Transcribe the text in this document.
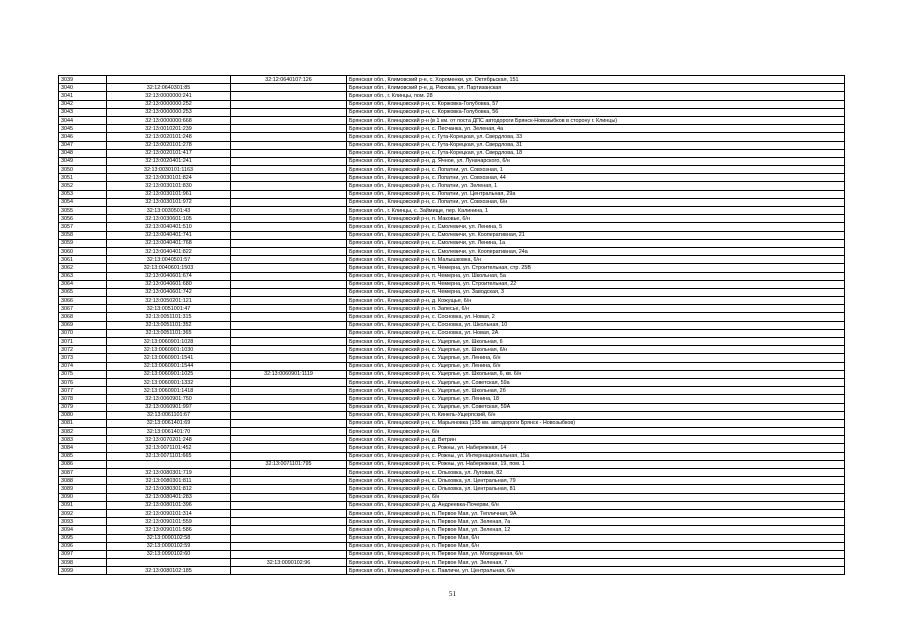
3039		32:12:0640107:126	Брянская обл., Климовский р-н, с. Хороменки, ул. Октябрьская, 151
3040	32:12:0640301:85		Брянская обл., Климовский р-н, д. Рюхова, ул. Партизанская
3041	32:13:0000000:241		Брянская обл., г. Клинцы, пом. 28
3042	32:13:0000000:252		Брянская обл., Клинцовский р-н, с. Коржовка-Голубовка, 57
3043	32:13:0000000:253		Брянская обл., Клинцовский р-н, с. Коржовка-Голубовка, 56
3044	32:13:0000000:668		Брянская обл., Клинцовский р-н (в 1 км. от поста ДПС автодороги Брянск-Новозыбков в сторону г. Клинцы)
3045	32:13:0010201:239		Брянская обл., Клинцовский р-н, с. Песчанка, ул. Зеленая, 4а
3046	32:13:0020101:248		Брянская обл., Клинцовский р-н, с. Гута-Корецкая, ул. Свердлова, 33
3047	32:13:0020101:278		Брянская обл., Клинцовский р-н, с. Гута-Корецкая, ул. Свердлова, 31
3048	32:13:0020101:417		Брянская обл., Клинцовский р-н, с. Гута-Корецкая, ул. Свердлова, 18
3049	32:13:0020401:241		Брянская обл., Клинцовский р-н, д. Ячное, ул. Луначарского, 6/н
3050	32:13:0030101:1163		Брянская обл., Клинцовский р-н, с. Лопатни, ул. Совхозная, 1
3051	32:13:0030101:824		Брянская обл., Клинцовский р-н, с. Лопатни, ул. Совхозная, 44
3052	32:13:0030101:830		Брянская обл., Клинцовский р-н, с. Лопатни, ул. Зеленая, 1
3053	32:13:0030101:961		Брянская обл., Клинцовский р-н, с. Лопатни, ул. Центральная, 29а
3054	32:13:0030101:972		Брянская обл., Клинцовский р-н, с. Лопатни, ул. Совхозная, 6/н
3055	32:13:0030501:43		Брянская обл., г. Клинцы, с. Займище, пер. Калинина, 1
3056	32:13:0030601:105		Брянская обл., Клинцовский р-н, п. Маковье, 6/н
3057	32:13:0040401:510		Брянская обл., Клинцовский р-н, с. Смолевичи, ул. Ленина, 5
3058	32:13:0040401:741		Брянская обл., Клинцовский р-н, с. Смолевичи, ул. Кооперативная, 21
3059	32:13:0040401:768		Брянская обл., Клинцовский р-н, с. Смолевичи, ул. Ленина, 1а
3060	32:13:0040401:822		Брянская обл., Клинцовский р-н, с. Смолевичи, ул. Кооперативная, 24а
3061	32:13:0040501:57		Брянская обл., Клинцовский р-н, п. Малышковка, 6/н
3062	32:13:0040601:1503		Брянская обл., Клинцовский р-н, п. Чемерна, ул. Строительная, стр. 25В
3063	32:13:0040601:674		Брянская обл., Клинцовский р-н, п. Чемерна, ул. Школьная, 5а
3064	32:13:0040601:680		Брянская обл., Клинцовский р-н, п. Чемерна, ул. Строительная, 22
3065	32:13:0040601:742		Брянская обл., Клинцовский р-н, п. Чемерна, ул. Заводская, 3
3066	32:13:0050201:121		Брянская обл., Клинцовский р-н, д. Кожущье, 6/н
3067	32:13:0051001:47		Брянская обл., Клинцовский р-н, п. Запесье, 6/н
3068	32:13:0051101:315		Брянская обл., Клинцовский р-н, с. Сосновка, ул. Новая, 2
3069	32:13:0051101:352		Брянская обл., Клинцовский р-н, с. Сосновка, ул. Школьная, 10
3070	32:13:0051101:365		Брянская обл., Клинцовский р-н, с. Сосновка, ул. Новая, 2А
3071	32:13:0060901:1028		Брянская обл., Клинцовский р-н, с. Ущерпье, ул. Школьная, 6
3072	32:13:0060901:1030		Брянская обл., Клинцовский р-н, с. Ущерпье, ул. Школьная, 6/н
3073	32:13:0060901:1541		Брянская обл., Клинцовский р-н, с. Ущерпье, ул. Ленина, 6/н
3074	32:13:0060901:1544		Брянская обл., Клинцовский р-н, с. Ущерпье, ул. Ленина, 6/н
3075	32:13:0060901:1025	32:13:0060901:1119	Брянская обл., Клинцовский р-н, с. Ущерпье, ул. Школьная, 6, кв. 6/н
3076	32:13:0060901:1332		Брянская обл., Клинцовский р-н, с. Ущерпье, ул. Советская, 59а
3077	32:13:0060901:1418		Брянская обл., Клинцовский р-н, с. Ущерпье, ул. Школьная, 2б
3078	32:13:0060901:750		Брянская обл., Клинцовский р-н, с. Ущерпье, ул. Ленина, 18
3079	32:13:0060901:997		Брянская обл., Клинцовский р-н, с. Ущерпье, ул. Советская, 59А
3080	32:13:0061101:67		Брянская обл., Клинцовский р-н, п. Кинель-Ущерпский, 6/н
3081	32:13:0061401:69		Брянская обл., Клинцовский р-н, с. Марьяновка (155 км. автодороги Брянск - Новозыбков)
3082	32:13:0061401:70		Брянская обл., Клинцовский р-н, 6/н
3083	32:13:0070201:248		Брянская обл., Клинцовский р-н, д. Ветрин
3084	32:13:0071101:452		Брянская обл., Клинцовский р-н, с. Рожны, ул. Набережная, 14
3085	32:13:0071101:665		Брянская обл., Клинцовский р-н, с. Рожны, ул. Интернациональная, 15а
3086		32:13:0071101:795	Брянская обл., Клинцовский р-н, с. Рожны, ул. Набережная, 19, пом. 1
3087	32:13:0080301:719		Брянская обл., Клинцовский р-н, с. Ольховка, ул. Луговая, 82
3088	32:13:0080301:811		Брянская обл., Клинцовский р-н, с. Ольховка, ул. Центральная, 79
3089	32:13:0080301:812		Брянская обл., Клинцовский р-н, с. Ольховка, ул. Центральная, 81
3090	32:13:0080401:283		Брянская обл., Клинцовский р-н, 6/н
3091	32:13:0080101:396		Брянская обл., Клинцовский р-н, д. Андреевка-Почерви, 6/н
3092	32:13:0090101:314		Брянская обл., Клинцовский р-н, п. Первое Мая, ул. Тепличная, 9А
3093	32:13:0090101:559		Брянская обл., Клинцовский р-н, п. Первое Мая, ул. Зеленая, 7а
3094	32:13:0090101:586		Брянская обл., Клинцовский р-н, п. Первое Мая, ул. Зеленая, 12
3095	32:13:0090102:58		Брянская обл., Клинцовский р-н, п. Первое Мая, 6/н
3096	32:13:0090102:59		Брянская обл., Клинцовский р-н, п. Первое Мая, 6/н
3097	32:13:0090102:60		Брянская обл., Клинцовский р-н, п. Первое Мая, ул. Молодежная, 6/н
3098		32:13:0090102:96	Брянская обл., Клинцовский р-н, п. Первое Мая, ул. Зеленая, 7
3099	32:13:0080102:185		Брянская обл., Клинцовский р-н, с. Павличи, ул. Центральная, 6/н
51
